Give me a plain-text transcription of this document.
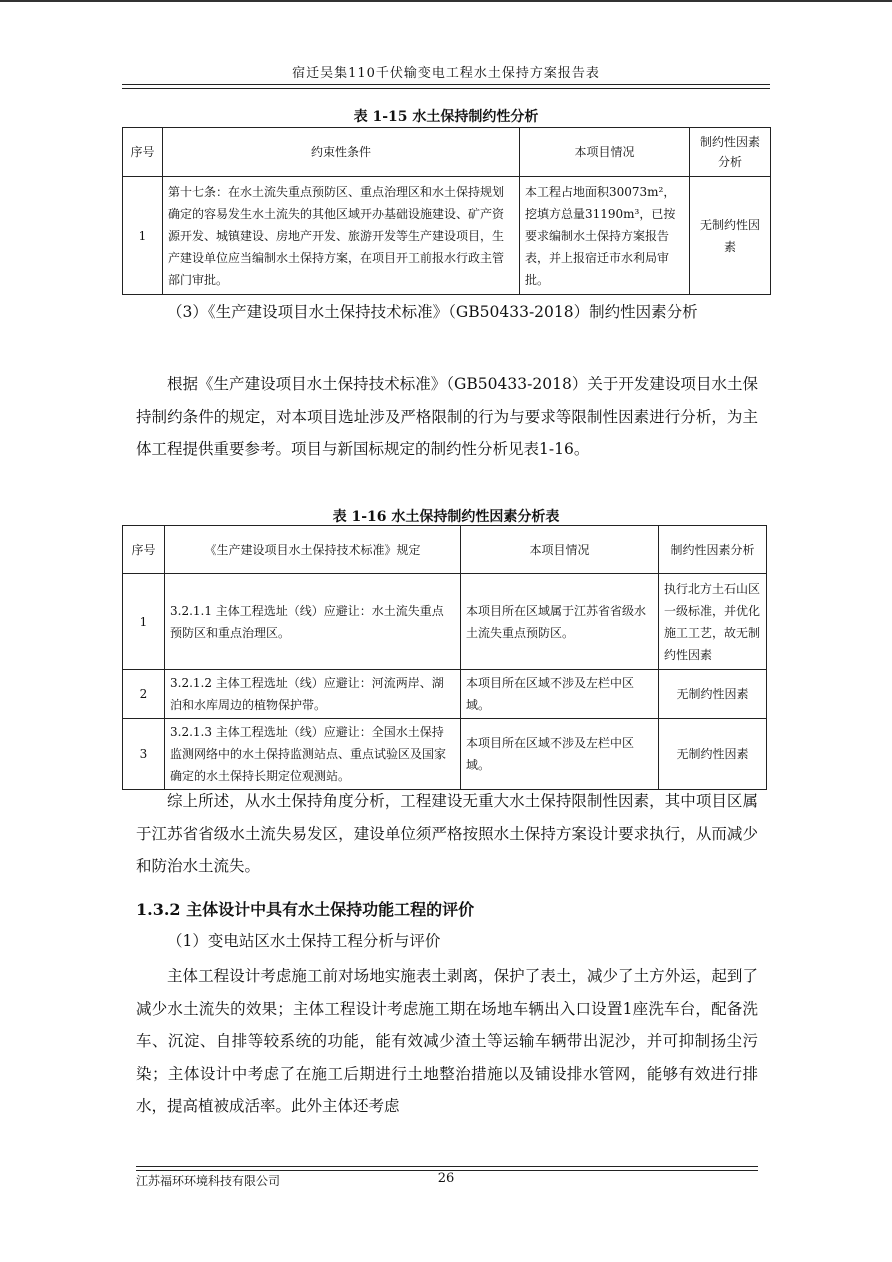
宿迁吴集110千伏输变电工程水土保持方案报告表
表 1-15 水土保持制约性分析
序号	约束性条件	本项目情况	制约性因素分析
1	第十七条：在水土流失重点预防区、重点治理区和水土保持规划确定的容易发生水土流失的其他区域开办基础设施建设、矿产资源开发、城镇建设、房地产开发、旅游开发等生产建设项目，生产建设单位应当编制水土保持方案，在项目开工前报水行政主管部门审批。	本工程占地面积30073m²，
挖填方总量31190m³，已按要求编制水土保持方案报告表，并上报宿迁市水利局审批。	无制约性因素
（3）《生产建设项目水土保持技术标准》（GB50433-2018）制约性因素分析
根据《生产建设项目水土保持技术标准》（GB50433-2018）关于开发建设项目水土保持制约条件的规定，对本项目选址涉及严格限制的行为与要求等限制性因素进行分析，为主体工程提供重要参考。项目与新国标规定的制约性分析见表1-16。
表 1-16 水土保持制约性因素分析表
序号	《生产建设项目水土保持技术标准》规定	本项目情况	制约性因素分析
1	3.2.1.1 主体工程选址（线）应避让：水土流失重点预防区和重点治理区。	本项目所在区域属于江苏省省级水土流失重点预防区。	执行北方土石山区一级标准，并优化施工工艺，故无制约性因素
2	3.2.1.2 主体工程选址（线）应避让：河流两岸、湖泊和水库周边的植物保护带。	本项目所在区域不涉及左栏中区域。	无制约性因素
3	3.2.1.3 主体工程选址（线）应避让：全国水土保持监测网络中的水土保持监测站点、重点试验区及国家确定的水土保持长期定位观测站。	本项目所在区域不涉及左栏中区域。	无制约性因素
综上所述，从水土保持角度分析，工程建设无重大水土保持限制性因素，其中项目区属于江苏省省级水土流失易发区，建设单位须严格按照水土保持方案设计要求执行，从而减少和防治水土流失。
1.3.2 主体设计中具有水土保持功能工程的评价
（1）变电站区水土保持工程分析与评价
主体工程设计考虑施工前对场地实施表土剥离，保护了表土，减少了土方外运，起到了减少水土流失的效果；主体工程设计考虑施工期在场地车辆出入口设置1座洗车台，配备洗车、沉淀、自排等较系统的功能，能有效减少渣土等运输车辆带出泥沙，并可抑制扬尘污染；主体设计中考虑了在施工后期进行土地整治措施以及铺设排水管网，能够有效进行排水，提高植被成活率。此外主体还考虑
江苏福环环境科技有限公司	26
